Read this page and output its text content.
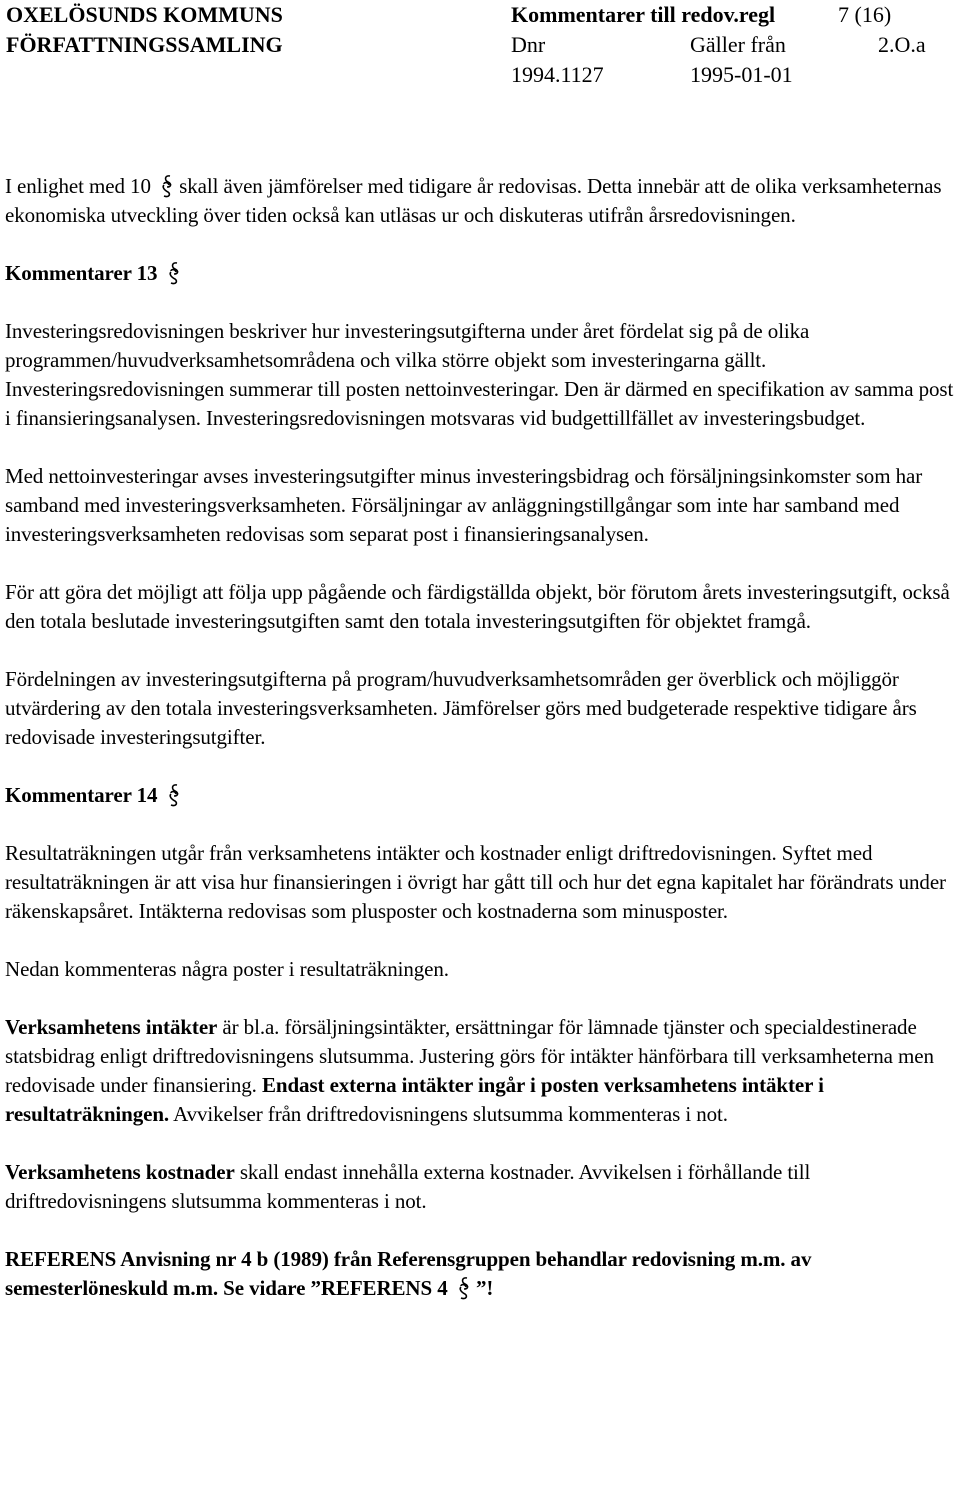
OXELÖSUNDS KOMMUNS
FÖRFATTNINGSSAMLING
Kommentarer till redov.regl	7 (16)
Dnr	Gäller från	2.O.a
1994.1127	1995-01-01

I enlighet med 10 skall även jämförelser med tidigare år redovisas. Detta innebär att de olika verksamheternas ekonomiska utveckling över tiden också kan utläsas ur och diskuteras utifrån årsredovisningen.

Kommentarer 13

Investeringsredovisningen beskriver hur investeringsutgifterna under året fördelat sig på de olika programmen/huvudverksamhetsområdena och vilka större objekt som investeringarna gällt. Investeringsredovisningen summerar till posten nettoinvesteringar. Den är därmed en specifikation av samma post i finansieringsanalysen. Investeringsredovisningen motsvaras vid budgettillfället av investeringsbudget.

Med nettoinvesteringar avses investeringsutgifter minus investeringsbidrag och försäljningsinkomster som har samband med investeringsverksamheten. Försäljningar av anläggningstillgångar som inte har samband med investeringsverksamheten redovisas som separat post i finansieringsanalysen.

För att göra det möjligt att följa upp pågående och färdigställda objekt, bör förutom årets investeringsutgift, också den totala beslutade investeringsutgiften samt den totala investeringsutgiften för objektet framgå.

Fördelningen av investeringsutgifterna på program/huvudverksamhetsområden ger överblick och möjliggör utvärdering av den totala investeringsverksamheten. Jämförelser görs med budgeterade respektive tidigare års redovisade investeringsutgifter.

Kommentarer 14

Resultaträkningen utgår från verksamhetens intäkter och kostnader enligt driftredovisningen. Syftet med resultaträkningen är att visa hur finansieringen i övrigt har gått till och hur det egna kapitalet har förändrats under räkenskapsåret. Intäkterna redovisas som plusposter och kostnaderna som minusposter.

Nedan kommenteras några poster i resultaträkningen.

Verksamhetens intäkter är bl.a. försäljningsintäkter, ersättningar för lämnade tjänster och specialdestinerade statsbidrag enligt driftredovisningens slutsumma. Justering görs för intäkter hänförbara till verksamheterna men redovisade under finansiering. Endast externa intäkter ingår i posten verksamhetens intäkter i resultaträkningen. Avvikelser från driftredovisningens slutsumma kommenteras i not.

Verksamhetens kostnader skall endast innehålla externa kostnader. Avvikelsen i förhållande till driftredovisningens slutsumma kommenteras i not.

REFERENS Anvisning nr 4 b (1989) från Referensgruppen behandlar redovisning m.m. av semesterlöneskuld m.m. Se vidare ”REFERENS 4 ”!
